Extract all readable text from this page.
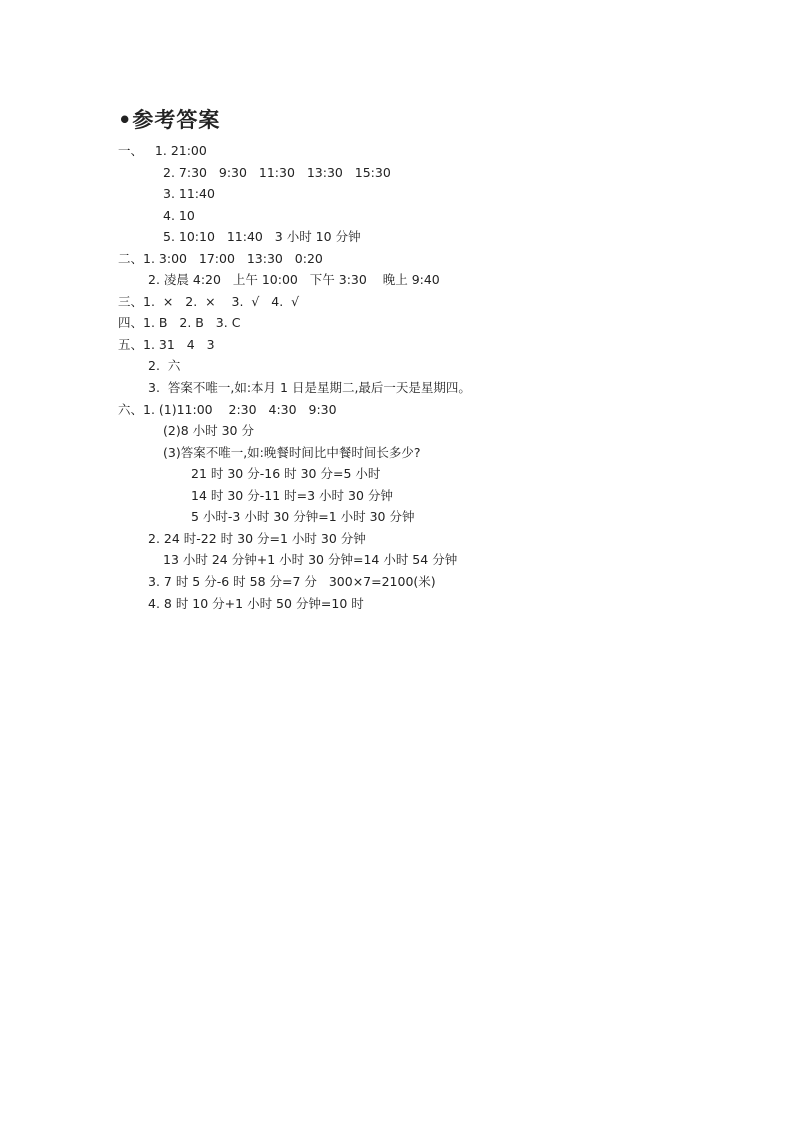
•参考答案
一、   1. 21:00
2. 7:30   9:30   11:30   13:30   15:30
3. 11:40
4. 10
5. 10:10   11:40   3 小时 10 分钟
二、1. 3:00   17:00   13:30   0:20
2. 凌晨 4:20   上午 10:00   下午 3:30    晚上 9:40
三、1.  ×   2.  ×    3.  √   4.  √
四、1. B   2. B   3. C
五、1. 31   4   3
2.  六
3.  答案不唯一,如:本月 1 日是星期二,最后一天是星期四。
六、1. (1)11:00    2:30   4:30   9:30
(2)8 小时 30 分
(3)答案不唯一,如:晚餐时间比中餐时间长多少?
21 时 30 分-16 时 30 分=5 小时
14 时 30 分-11 时=3 小时 30 分钟
5 小时-3 小时 30 分钟=1 小时 30 分钟
2. 24 时-22 时 30 分=1 小时 30 分钟
13 小时 24 分钟+1 小时 30 分钟=14 小时 54 分钟
3. 7 时 5 分-6 时 58 分=7 分   300×7=2100(米)
4. 8 时 10 分+1 小时 50 分钟=10 时
